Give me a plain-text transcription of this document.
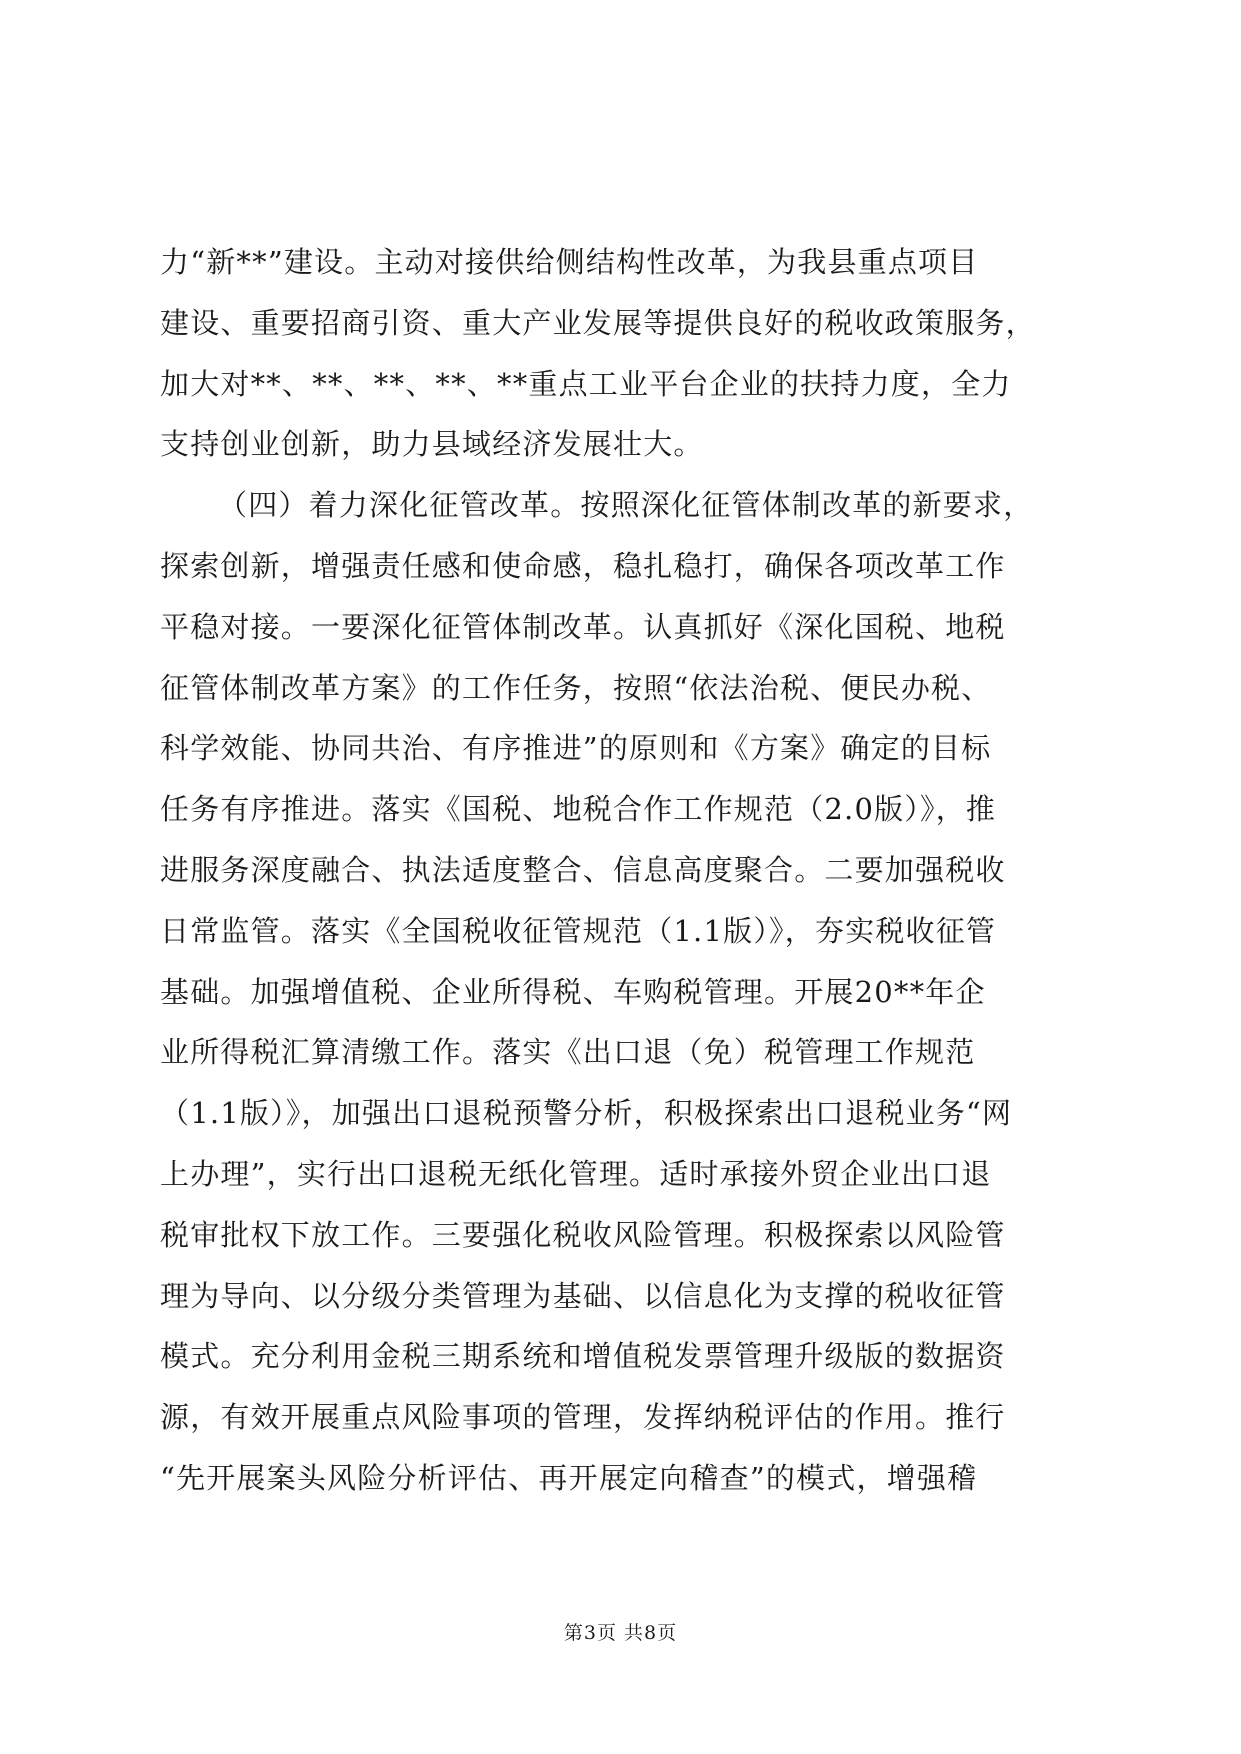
力“新**”建设。主动对接供给侧结构性改革，为我县重点项目
建设、重要招商引资、重大产业发展等提供良好的税收政策服务，
加大对**、**、**、**、**重点工业平台企业的扶持力度，全力
支持创业创新，助力县域经济发展壮大。
（四）着力深化征管改革。按照深化征管体制改革的新要求，
探索创新，增强责任感和使命感，稳扎稳打，确保各项改革工作
平稳对接。一要深化征管体制改革。认真抓好《深化国税、地税
征管体制改革方案》的工作任务，按照“依法治税、便民办税、
科学效能、协同共治、有序推进”的原则和《方案》确定的目标
任务有序推进。落实《国税、地税合作工作规范（2.0版）》，推
进服务深度融合、执法适度整合、信息高度聚合。二要加强税收
日常监管。落实《全国税收征管规范（1.1版）》，夯实税收征管
基础。加强增值税、企业所得税、车购税管理。开展20**年企
业所得税汇算清缴工作。落实《出口退（免）税管理工作规范
（1.1版）》，加强出口退税预警分析，积极探索出口退税业务“网
上办理”，实行出口退税无纸化管理。适时承接外贸企业出口退
税审批权下放工作。三要强化税收风险管理。积极探索以风险管
理为导向、以分级分类管理为基础、以信息化为支撑的税收征管
模式。充分利用金税三期系统和增值税发票管理升级版的数据资
源，有效开展重点风险事项的管理，发挥纳税评估的作用。推行
“先开展案头风险分析评估、再开展定向稽查”的模式，增强稽
第3页 共8页
